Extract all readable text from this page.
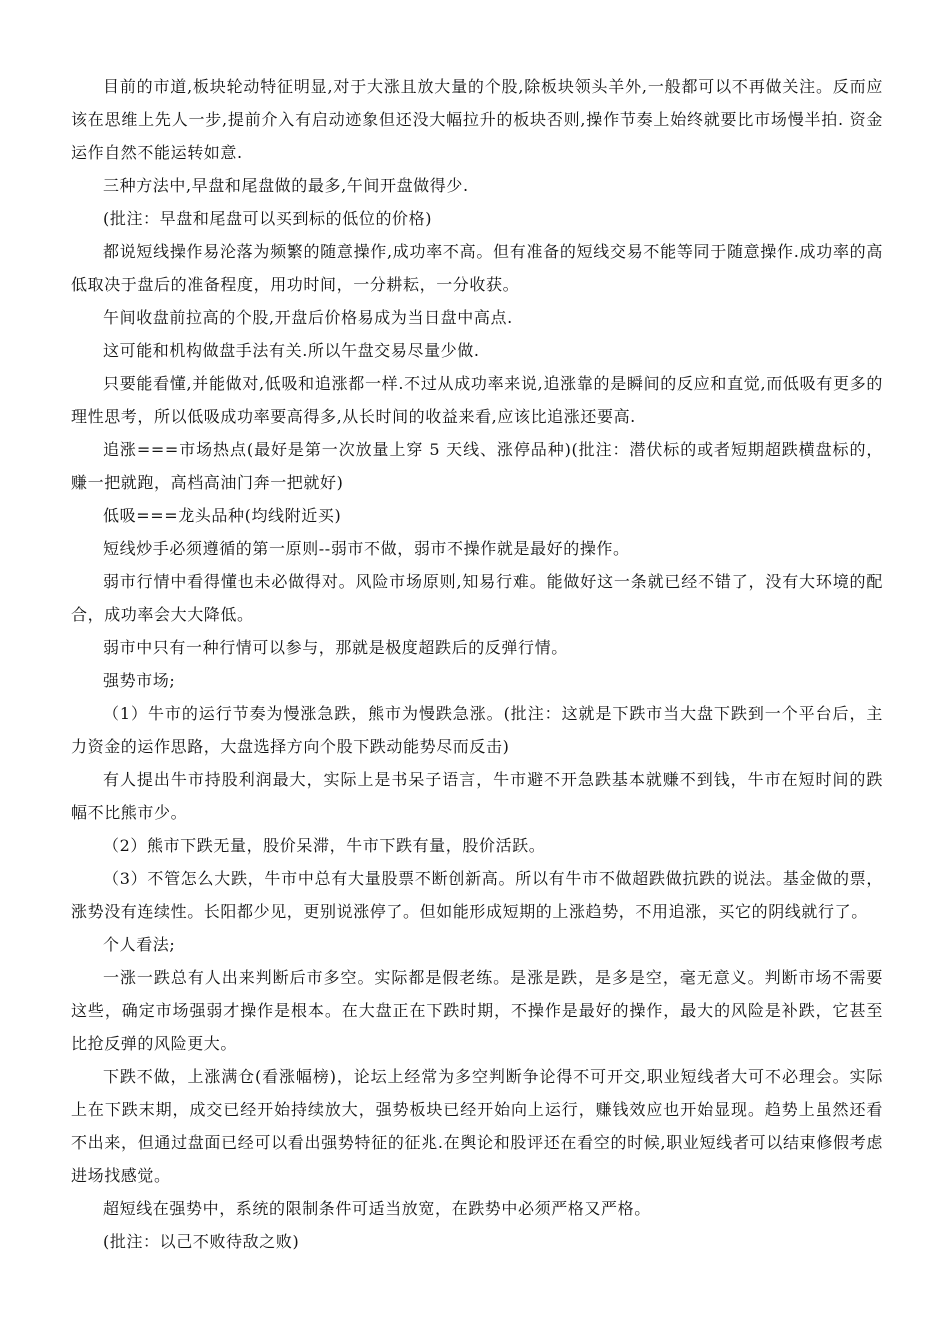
目前的市道,板块轮动特征明显,对于大涨且放大量的个股,除板块领头羊外,一般都可以不再做关注。反而应该在思维上先人一步,提前介入有启动迹象但还没大幅拉升的板块否则,操作节奏上始终就要比市场慢半拍. 资金运作自然不能运转如意.

三种方法中,早盘和尾盘做的最多,午间开盘做得少.

(批注：早盘和尾盘可以买到标的低位的价格)

都说短线操作易沦落为频繁的随意操作,成功率不高。但有准备的短线交易不能等同于随意操作.成功率的高低取决于盘后的准备程度，用功时间，一分耕耘，一分收获。

午间收盘前拉高的个股,开盘后价格易成为当日盘中高点.

这可能和机构做盘手法有关.所以午盘交易尽量少做.

只要能看懂,并能做对,低吸和追涨都一样.不过从成功率来说,追涨靠的是瞬间的反应和直觉,而低吸有更多的理性思考，所以低吸成功率要高得多,从长时间的收益来看,应该比追涨还要高.

追涨===市场热点(最好是第一次放量上穿 5 天线、涨停品种)(批注：潜伏标的或者短期超跌横盘标的，赚一把就跑，高档高油门奔一把就好)

低吸===龙头品种(均线附近买)

短线炒手必须遵循的第一原则--弱市不做，弱市不操作就是最好的操作。

弱市行情中看得懂也未必做得对。风险市场原则,知易行难。能做好这一条就已经不错了，没有大环境的配合，成功率会大大降低。

弱市中只有一种行情可以参与，那就是极度超跌后的反弹行情。

强势市场;

（1）牛市的运行节奏为慢涨急跌，熊市为慢跌急涨。(批注：这就是下跌市当大盘下跌到一个平台后，主力资金的运作思路，大盘选择方向个股下跌动能势尽而反击)

有人提出牛市持股利润最大，实际上是书呆子语言，牛市避不开急跌基本就赚不到钱，牛市在短时间的跌幅不比熊市少。

（2）熊市下跌无量，股价呆滞，牛市下跌有量，股价活跃。

（3）不管怎么大跌，牛市中总有大量股票不断创新高。所以有牛市不做超跌做抗跌的说法。基金做的票，涨势没有连续性。长阳都少见，更别说涨停了。但如能形成短期的上涨趋势，不用追涨，买它的阴线就行了。

个人看法;

一涨一跌总有人出来判断后市多空。实际都是假老练。是涨是跌，是多是空，毫无意义。判断市场不需要这些，确定市场强弱才操作是根本。在大盘正在下跌时期，不操作是最好的操作，最大的风险是补跌，它甚至比抢反弹的风险更大。

下跌不做，上涨满仓(看涨幅榜)，论坛上经常为多空判断争论得不可开交,职业短线者大可不必理会。实际上在下跌末期，成交已经开始持续放大，强势板块已经开始向上运行，赚钱效应也开始显现。趋势上虽然还看不出来，但通过盘面已经可以看出强势特征的征兆.在舆论和股评还在看空的时候,职业短线者可以结束修假考虑进场找感觉。

超短线在强势中，系统的限制条件可适当放宽，在跌势中必须严格又严格。

(批注：以己不败待敌之败)
